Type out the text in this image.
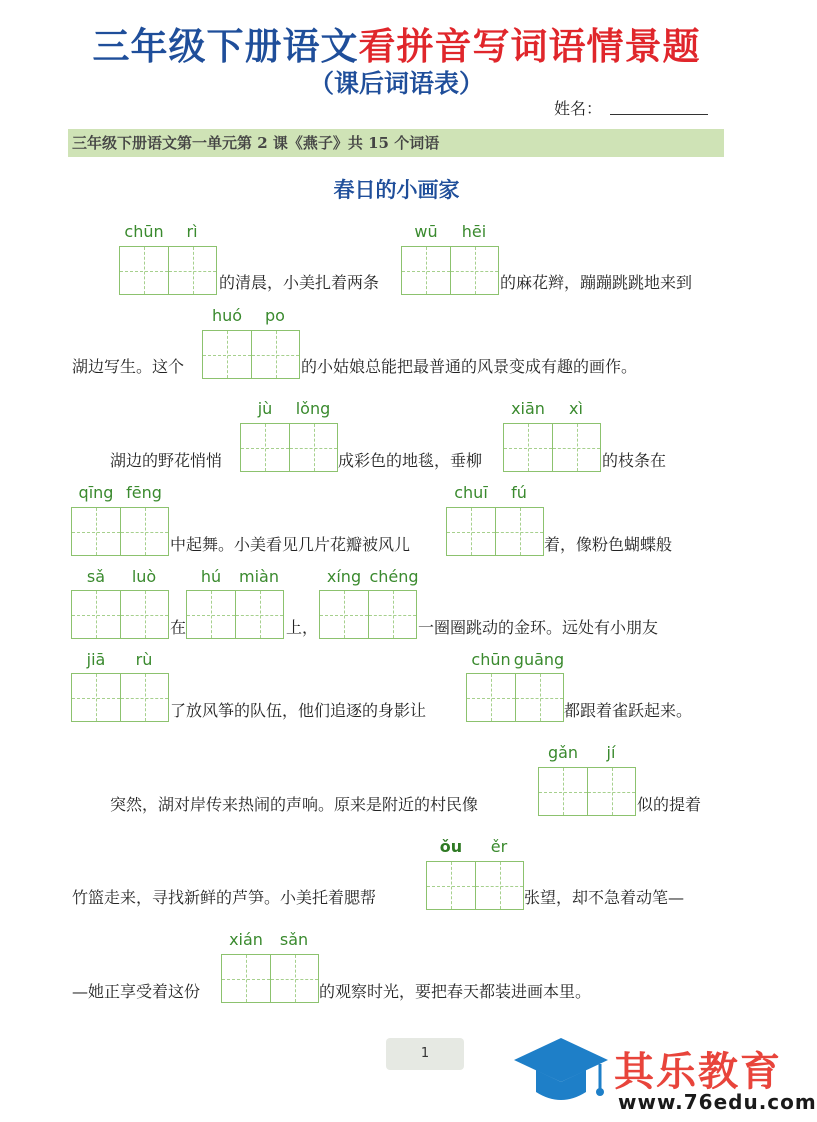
三年级下册语文看拼音写词语情景题
（课后词语表）
姓名：
三年级下册语文第一单元第 2 课《燕子》共 15 个词语
春日的小画家
chūn	rì
的清晨，小美扎着两条
wū	hēi
的麻花辫，蹦蹦跳跳地来到
湖边写生。这个
huó	po
的小姑娘总能把最普通的风景变成有趣的画作。
湖边的野花悄悄
jù	lǒng
成彩色的地毯，垂柳
xiān	xì
的枝条在
qīng fēng
中起舞。小美看见几片花瓣被风儿
chuī	fú
着，像粉色蝴蝶般
sǎ	luò
在
hú	miàn
上，
xíng chéng
一圈圈跳动的金环。远处有小朋友
jiā	rù
了放风筝的队伍，他们追逐的身影让
chūn guāng
都跟着雀跃起来。
突然，湖对岸传来热闹的声响。原来是附近的村民像
gǎn	jí
似的提着
竹篮走来，寻找新鲜的芦笋。小美托着腮帮
ǒu	ěr
张望，却不急着动笔—
—她正享受着这份
xián	sǎn
的观察时光，要把春天都装进画本里。
1	其乐教育
www.76edu.com
